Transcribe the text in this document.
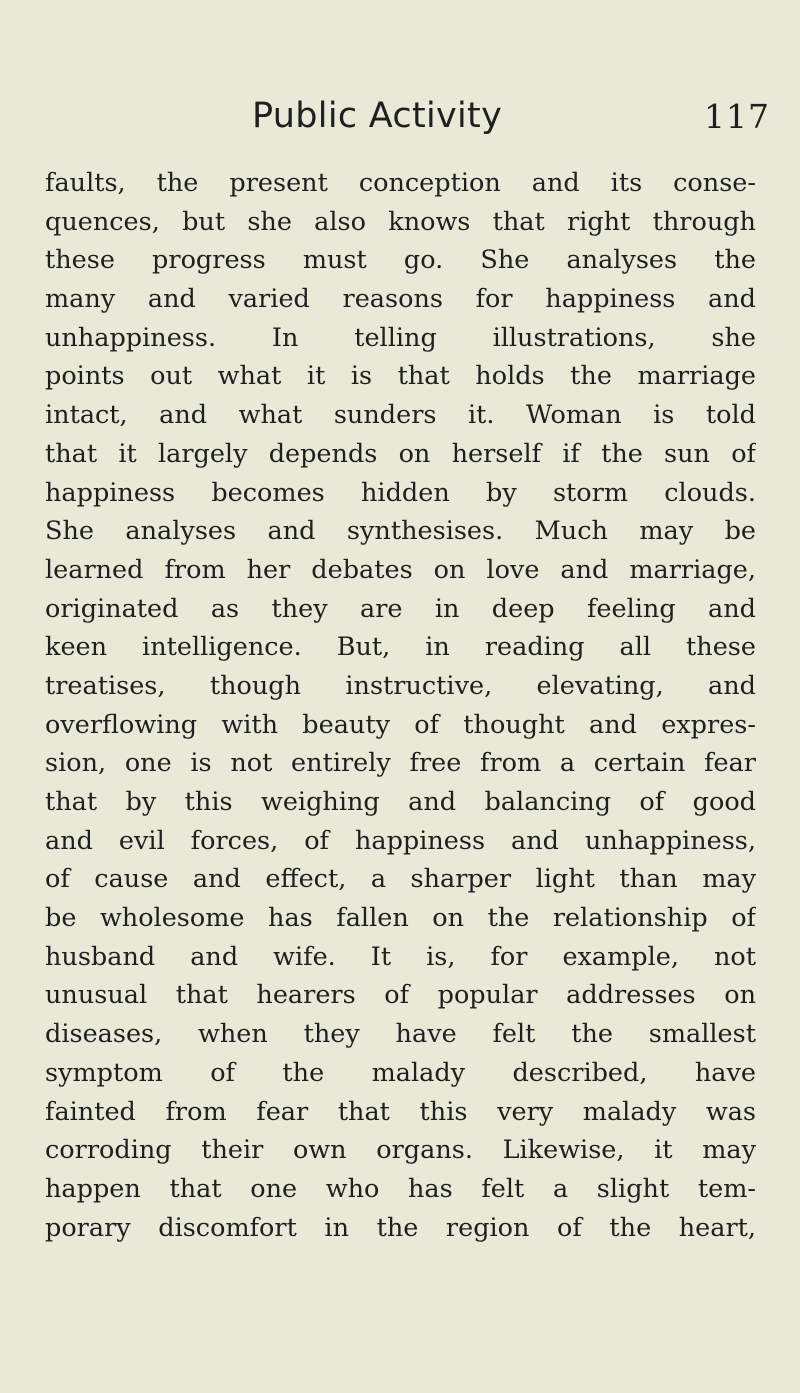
Public Activity	117
faults, the present conception and its conse-
quences, but she also knows that right through
these progress must go. She analyses the
many and varied reasons for happiness and
unhappiness. In telling illustrations, she
points out what it is that holds the marriage
intact, and what sunders it. Woman is told
that it largely depends on herself if the sun of
happiness becomes hidden by storm clouds.
She analyses and synthesises. Much may be
learned from her debates on love and marriage,
originated as they are in deep feeling and
keen intelligence. But, in reading all these
treatises, though instructive, elevating, and
overflowing with beauty of thought and expres-
sion, one is not entirely free from a certain fear
that by this weighing and balancing of good
and evil forces, of happiness and unhappiness,
of cause and effect, a sharper light than may
be wholesome has fallen on the relationship of
husband and wife. It is, for example, not
unusual that hearers of popular addresses on
diseases, when they have felt the smallest
symptom of the malady described, have
fainted from fear that this very malady was
corroding their own organs. Likewise, it may
happen that one who has felt a slight tem-
porary discomfort in the region of the heart,
